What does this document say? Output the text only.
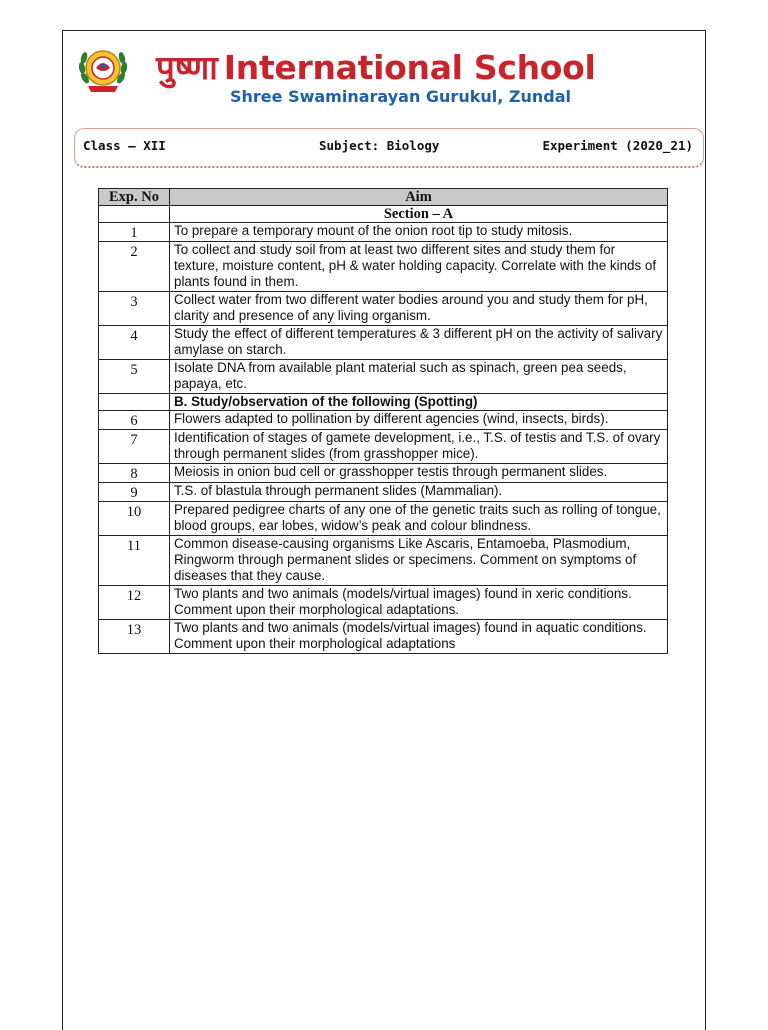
पुष्णा International School
Shree Swaminarayan Gurukul, Zundal
Class – XII	Subject: Biology	Experiment (2020_21)
Exp. No	Aim
	Section – A
1	To prepare a temporary mount of the onion root tip to study mitosis.
2	To collect and study soil from at least two different sites and study them for texture, moisture content, pH & water holding capacity. Correlate with the kinds of plants found in them.
3	Collect water from two different water bodies around you and study them for pH, clarity and presence of any living organism.
4	Study the effect of different temperatures & 3 different pH on the activity of salivary amylase on starch.
5	Isolate DNA from available plant material such as spinach, green pea seeds, papaya, etc.
	B. Study/observation of the following (Spotting)
6	Flowers adapted to pollination by different agencies (wind, insects, birds).
7	Identification of stages of gamete development, i.e., T.S. of testis and T.S. of ovary through permanent slides (from grasshopper mice).
8	Meiosis in onion bud cell or grasshopper testis through permanent slides.
9	T.S. of blastula through permanent slides (Mammalian).
10	Prepared pedigree charts of any one of the genetic traits such as rolling of tongue, blood groups, ear lobes, widow’s peak and colour blindness.
11	Common disease-causing organisms Like Ascaris, Entamoeba, Plasmodium, Ringworm through permanent slides or specimens. Comment on symptoms of diseases that they cause.
12	Two plants and two animals (models/virtual images) found in xeric conditions. Comment upon their morphological adaptations.
13	Two plants and two animals (models/virtual images) found in aquatic conditions. Comment upon their morphological adaptations
